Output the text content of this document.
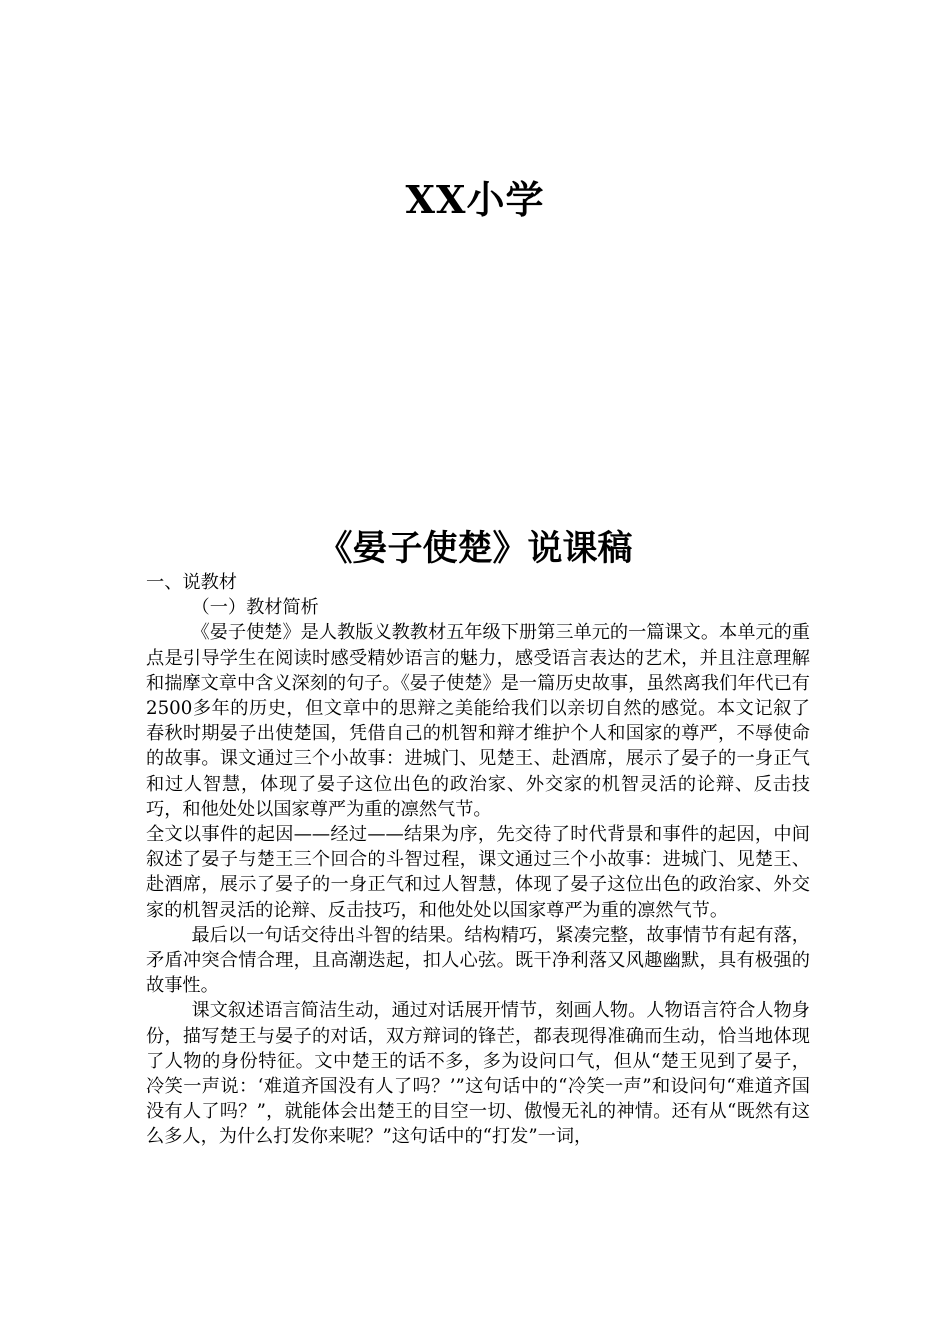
XX小学
《晏子使楚》说课稿

一、说教材

（一）教材简析

《晏子使楚》是人教版义教教材五年级下册第三单元的一篇课文。本单元的重点是引导学生在阅读时感受精妙语言的魅力，感受语言表达的艺术，并且注意理解和揣摩文章中含义深刻的句子。《晏子使楚》是一篇历史故事，虽然离我们年代已有2500多年的历史，但文章中的思辩之美能给我们以亲切自然的感觉。本文记叙了春秋时期晏子出使楚国，凭借自己的机智和辩才维护个人和国家的尊严，不辱使命的故事。课文通过三个小故事：进城门、见楚王、赴酒席，展示了晏子的一身正气和过人智慧，体现了晏子这位出色的政治家、外交家的机智灵活的论辩、反击技巧，和他处处以国家尊严为重的凛然气节。

全文以事件的起因——经过——结果为序，先交待了时代背景和事件的起因，中间叙述了晏子与楚王三个回合的斗智过程，课文通过三个小故事：进城门、见楚王、赴酒席，展示了晏子的一身正气和过人智慧，体现了晏子这位出色的政治家、外交家的机智灵活的论辩、反击技巧，和他处处以国家尊严为重的凛然气节。

最后以一句话交待出斗智的结果。结构精巧，紧凑完整，故事情节有起有落，矛盾冲突合情合理，且高潮迭起，扣人心弦。既干净利落又风趣幽默，具有极强的故事性。

课文叙述语言简洁生动，通过对话展开情节，刻画人物。人物语言符合人物身份，描写楚王与晏子的对话，双方辩词的锋芒，都表现得准确而生动，恰当地体现了人物的身份特征。文中楚王的话不多，多为设问口气，但从“楚王见到了晏子，冷笑一声说：‘难道齐国没有人了吗？’”这句话中的“冷笑一声”和设问句“难道齐国没有人了吗？”，就能体会出楚王的目空一切、傲慢无礼的神情。还有从“既然有这么多人，为什么打发你来呢？”这句话中的“打发”一词，
